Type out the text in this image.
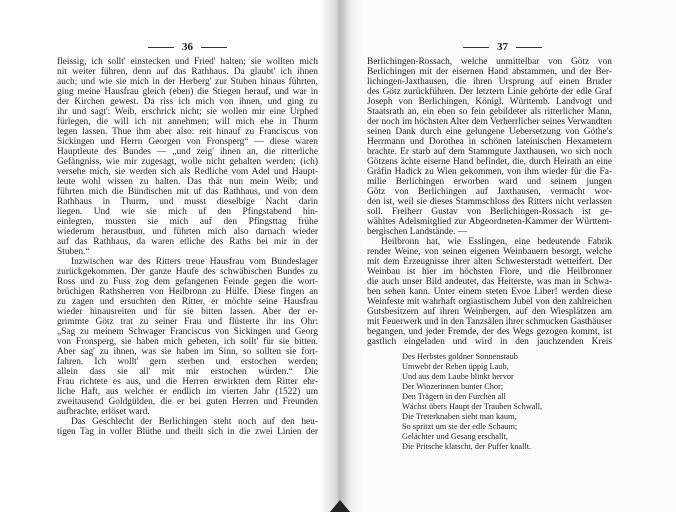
36	37
fleissig, ich sollt' einstecken und Fried' halten; sie wollten mich
nit weiter führen, denn auf das Rathhaus. Da glaubt' ich ihnen
auch; und wie sie mich in der Herberg' zur Stuben hinaus führten,
ging meine Hausfrau gleich (eben) die Stiegen herauf, und war in
der Kirchen gewest. Da riss ich mich von ihnen, und ging zu
ihr und sagt': Weib, erschrick nicht; sie wollen mir eine Urphed
fürlegen, die will ich nit annehmen; will mich ehe in Thurm
legen lassen. Thue ihm aber also: reit hinauf zu Franciscus von
Sickingen und Herrn Georgen von Fronsperg“ — diese waren
Hauptleute des Bundes — „und zeig' ihnen an, die ritterliche
Gefängniss, wie mir zugesagt, wolle nicht gehalten werden; (ich)
versehe mich, sie werden sich als Redliche vom Adel und Haupt-
leute wohl wissen zu halten. Das thät nun mein Weib; und
führten mich die Bündischen mit uf das Rathhaus, und von dem
Rathhaus in Thurm, und musst dieselbige Nacht darin
liegen. Und wie sie mich uf den Pfingstabend hin-
einlegten, mussten sie mich auf den Pfingsttag frühe
wiederum heraustbun, und führten mich also darnach wieder
auf das Rathhaus, da waren etliche des Raths bei mir in der
Stuben.“
Inzwischen war des Ritters treue Hausfrau vom Bundeslager
zurückgekommen. Der ganze Haufe des schwäbischen Bundes zu
Ross und zu Fuss zog dem gefangenen Feinde gegen die wort-
brüchigen Rathsherren von Heilbronn zu Hülfe. Diese fingen an
zu zagen und ersuchten den Ritter, er möchte seine Hausfrau
wieder hinausreiten und für sie bitten lassen. Aber der er-
grimmte Götz trat zu seiner Frau und flüsterte ihr ins Ohr:
„Sag zu meinem Schwager Franciscus von Sickingen und Georg
von Fronsperg, sie haben mich gebeten, ich sollt' für sie bitten.
Aber sag' zu ihnen, was sie haben im Sinn, so sollten sie fort-
fahren. Ich wollt' gern sterben und erstochen werden;
allein dass sie all' mit mir erstochen würden.“ Die
Frau richtete es aus, und die Herren erwirkten dem Ritter ehr-
liche Haft, aus welcher er endlich im vierten Jahr (1522) um
zweitausend Goldgülden, die er bei guten Herren und Freunden
aufbrachte, erlöset ward.
Das Geschlecht der Berlichingen steht noch auf den heu-
tigen Tag in voller Blüthe und theilt sich in die zwei Linien der
Berlichingen-Rossach, welche unmittelbar von Götz von
Berlichingen mit der eisernen Hand abstammen, und der Ber-
lichingen-Jaxthausen, die ihren Ursprung auf einen Bruder
des Götz zurückführen. Der letztern Linie gehörte der edle Graf
Joseph von Berlichingen, Königl. Württemb. Landvogt und
Staatsrath an, ein eben so fein gebildeter als ritterlicher Mann,
der noch im höchsten Alter dem Verherrlicher seines Verwandten
seinen Dank durch eine gelungene Uebersetzung von Göthe's
Herrmann und Dorothea in schönen lateinischen Hexametern
brachte. Er starb auf dem Stammgute Jaxthausen, wo sich noch
Götzens ächte eiserne Hand befindet, die, durch Heirath an eine
Gräfin Hadick zu Wien gekommen, von ihm wieder für die Fa-
milie Berlichingen erworben ward und seinem jungen
Götz von Berlichingen auf Jaxthausen, vermacht wor-
den ist, weil sie dieses Stammschloss des Ritters nicht verlassen
soll. Freiherr Gustav von Berlichingen-Rossach ist ge-
wähltes Adelsmitglied zur Abgeordneten-Kammer der Württem-
bergischen Landstände. —
Heilbronn hat, wie Esslingen, eine bedeutende Fabrik
render Weine, von seinen eigenen Weinbauern besorgt, welche
mit dem Erzeugnisse ihrer alten Schwesterstadt wetteifert. Der
Weinbau ist hier im höchsten Flore, und die Heilbronner
die auch unser Bild andeutet, das Heiterste, was man in Schwa-
ben sehen kann. Unter einem steten Evoe Liber! werden diese
Weinfeste mit wahrhaft orgiastischem Jubel von den zahlreichen
Gutsbesitzern auf ihren Weinbergen, auf den Wiesplätzen am
mit Feuerwerk und in den Tanzsälen ihrer schmucken Gasthäuser
begangen, und jeder Fremde, der des Wegs gezogen kommt, ist
gastlich eingeladen und wird in den jauchzenden Kreis
Des Herbstes goldner Sonnenstaub
Umwebt der Reben üppig Laub,
Und aus dem Laube blinkt hervor
Der Winzerinnen bunter Chor;
Den Trägern in den Furchen all
Wächst übers Haupt der Trauben Schwall,
Die Treterknaben sieht man kaum,
So spritzt um sie der edle Schaum;
Gelächter und Gesang erschallt,
Die Pritsche klatscht, der Puffer knallt.
